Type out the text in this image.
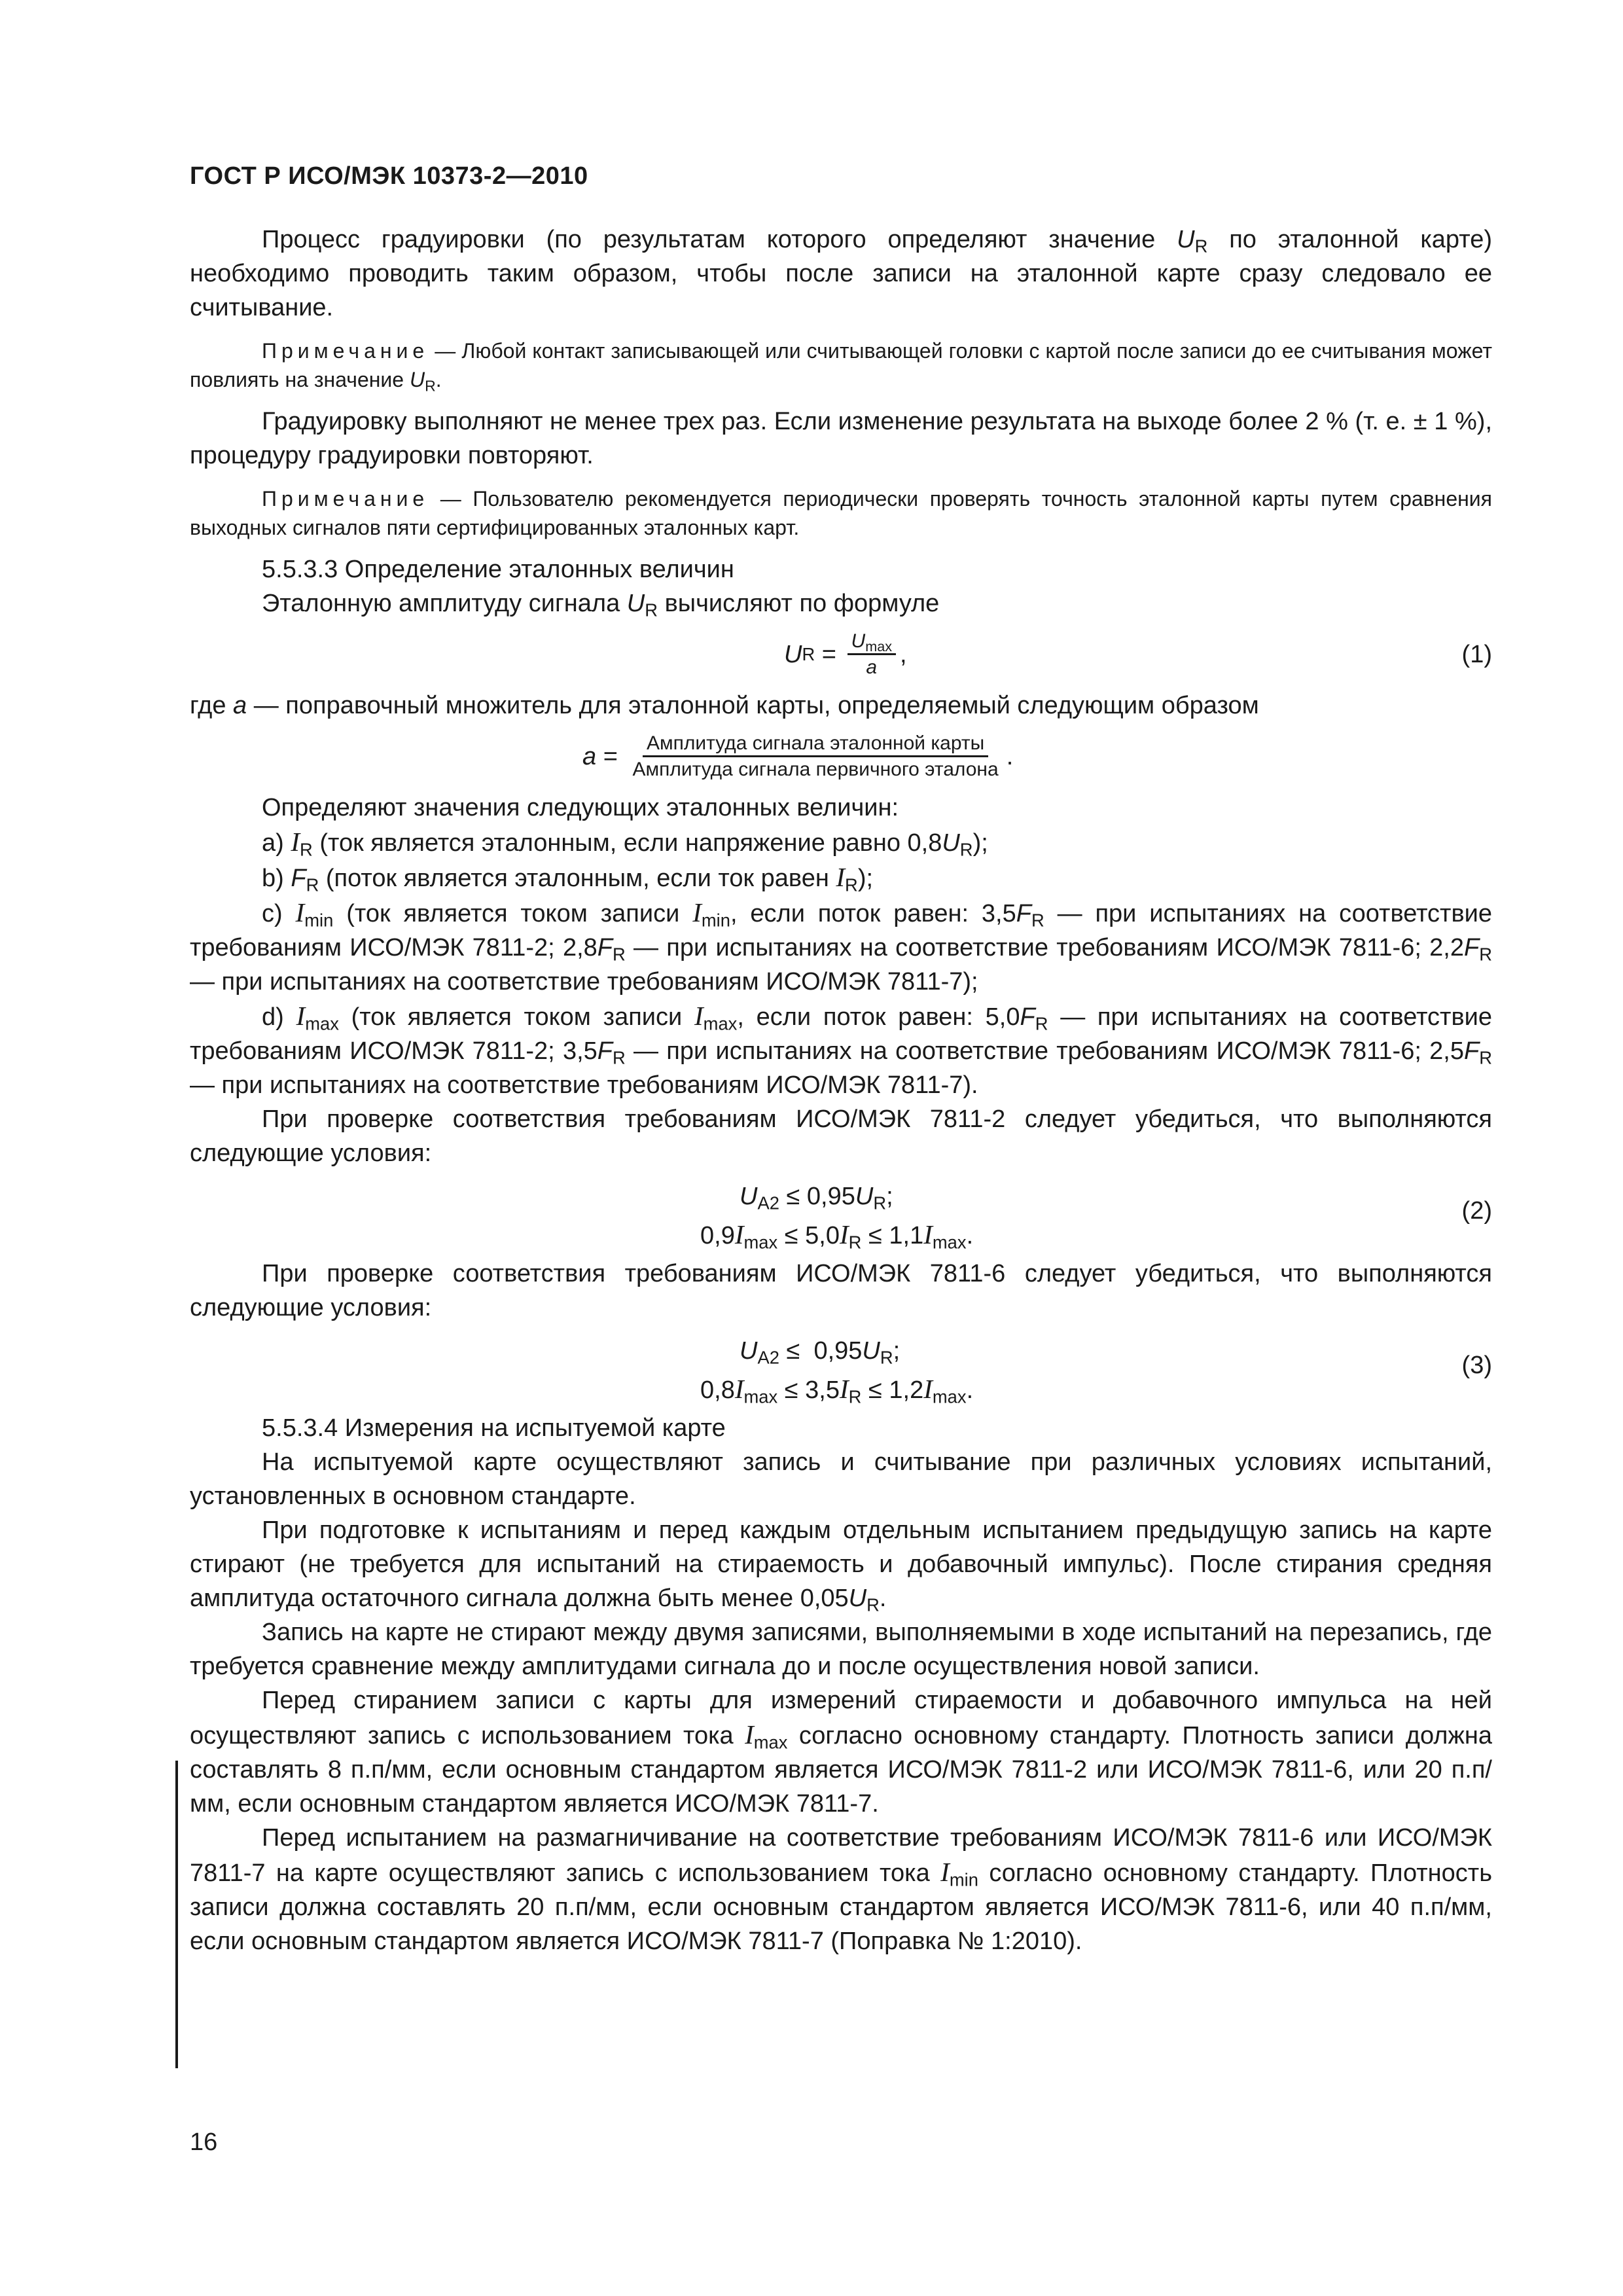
ГОСТ Р ИСО/МЭК 10373-2—2010

Процесс градуировки (по результатам которого определяют значение $U_R$ по эталонной карте) необходимо проводить таким образом, чтобы после записи на эталонной карте сразу следовало ее считывание.

Примечание — Любой контакт записывающей или считывающей головки с картой после записи до ее считывания может повлиять на значение $U_R$.

Градуировку выполняют не менее трех раз. Если изменение результата на выходе более 2 % (т. е. ± 1 %), процедуру градуировки повторяют.

Примечание — Пользователю рекомендуется периодически проверять точность эталонной карты путем сравнения выходных сигналов пяти сертифицированных эталонных карт.

5.5.3.3 Определение эталонных величин

Эталонную амплитуду сигнала $U_R$ вычисляют по формуле

U $R = \frac{U_{max}}{a}$ ,	(1)

где a — поправочный множитель для эталонной карты, определяемый следующим образом

$a = \frac{\text{Амплитуда сигнала эталонной карты}}{\text{Амплитуда сигнала первичного эталона}}$ .

Определяют значения следующих эталонных величин:

a) $I_R$ (ток является эталонным, если напряжение равно $0,8U_R$);

b) $F_R$ (поток является эталонным, если ток равен $I_R$);

c) $I_{min}$ (ток является током записи $I_{min}$, если поток равен: $3,5F_R$ — при испытаниях на соответствие требованиям ИСО/МЭК 7811-2; $2,8F_R$ — при испытаниях на соответствие требованиям ИСО/МЭК 7811-6; $2,2F_R$ — при испытаниях на соответствие требованиям ИСО/МЭК 7811-7);

d) $I_{max}$ (ток является током записи $I_{max}$, если поток равен: $5,0F_R$ — при испытаниях на соответствие требованиям ИСО/МЭК 7811-2; $3,5F_R$ — при испытаниях на соответствие требованиям ИСО/МЭК 7811-6; $2,5F_R$ — при испытаниях на соответствие требованиям ИСО/МЭК 7811-7).

При проверке соответствия требованиям ИСО/МЭК 7811-2 следует убедиться, что выполняются следующие условия:

$U_{A2} \le 0,95U_R$;
$0,9I_{max} \le 5,0I_R \le 1,1I_{max}$.
(2)

При проверке соответствия требованиям ИСО/МЭК 7811-6 следует убедиться, что выполняются следующие условия:

$U_{A2} \le 0,95U_R$;
$0,8I_{max} \le 3,5I_R \le 1,2I_{max}$.
(3)

5.5.3.4 Измерения на испытуемой карте

На испытуемой карте осуществляют запись и считывание при различных условиях испытаний, установленных в основном стандарте.

При подготовке к испытаниям и перед каждым отдельным испытанием предыдущую запись на карте стирают (не требуется для испытаний на стираемость и добавочный импульс). После стирания средняя амплитуда остаточного сигнала должна быть менее $0,05U_R$.

Запись на карте не стирают между двумя записями, выполняемыми в ходе испытаний на перезапись, где требуется сравнение между амплитудами сигнала до и после осуществления новой записи.

Перед стиранием записи с карты для измерений стираемости и добавочного импульса на ней осуществляют запись с использованием тока $I_{max}$ согласно основному стандарту. Плотность записи должна составлять 8 п.п/мм, если основным стандартом является ИСО/МЭК 7811-2 или ИСО/МЭК 7811-6, или 20 п.п/мм, если основным стандартом является ИСО/МЭК 7811-7.

Перед испытанием на размагничивание на соответствие требованиям ИСО/МЭК 7811-6 или ИСО/МЭК 7811-7 на карте осуществляют запись с использованием тока $I_{min}$ согласно основному стандарту. Плотность записи должна составлять 20 п.п/мм, если основным стандартом является ИСО/МЭК 7811-6, или 40 п.п/мм, если основным стандартом является ИСО/МЭК 7811-7 (Поправка № 1:2010).

16
